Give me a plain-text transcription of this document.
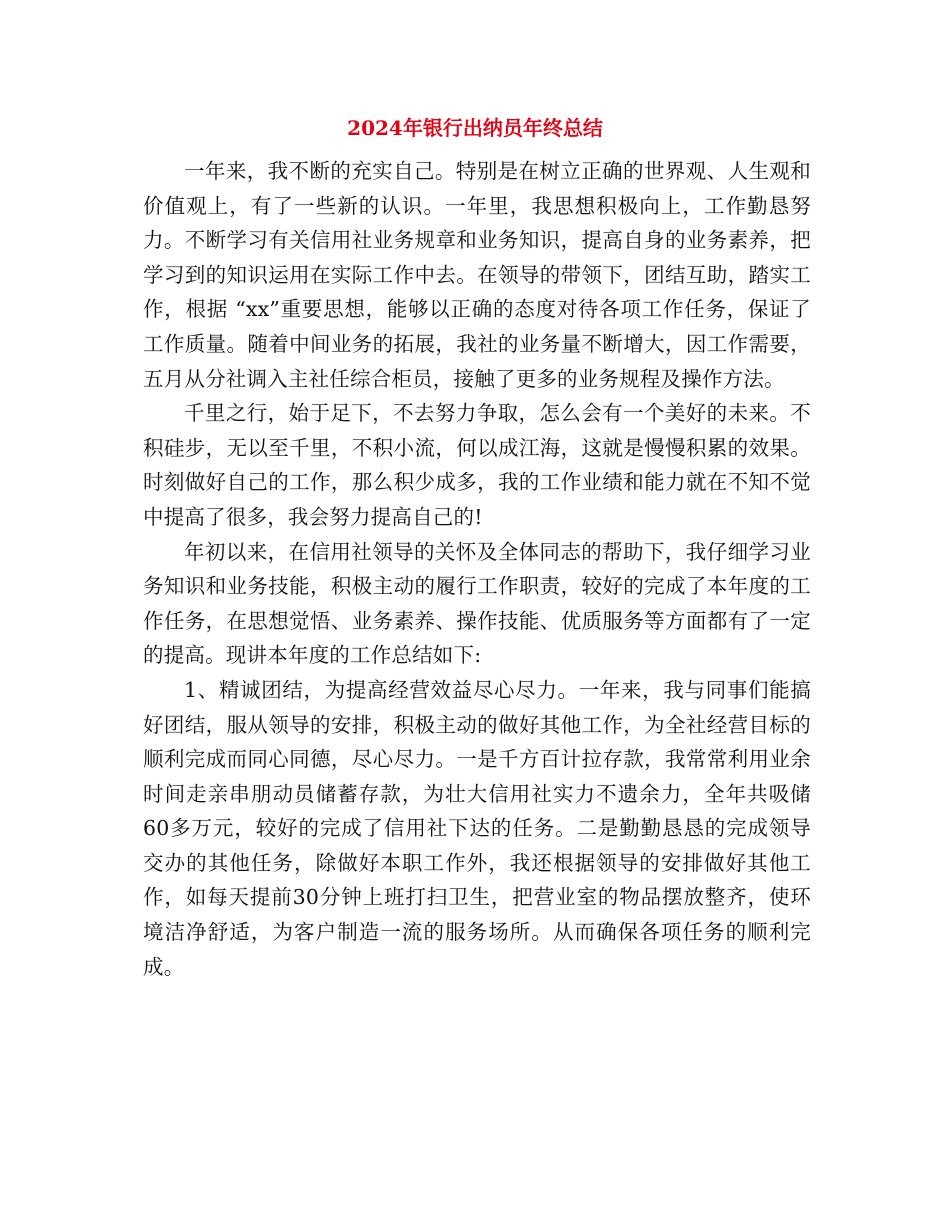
2024年银行出纳员年终总结

一年来，我不断的充实自己。特别是在树立正确的世界观、人生观和价值观上，有了一些新的认识。一年里，我思想积极向上，工作勤恳努力。不断学习有关信用社业务规章和业务知识，提高自身的业务素养，把学习到的知识运用在实际工作中去。在领导的带领下，团结互助，踏实工作，根据 “xx”重要思想，能够以正确的态度对待各项工作任务，保证了工作质量。随着中间业务的拓展，我社的业务量不断增大，因工作需要，五月从分社调入主社任综合柜员，接触了更多的业务规程及操作方法。

千里之行，始于足下，不去努力争取，怎么会有一个美好的未来。不积硅步，无以至千里，不积小流，何以成江海，这就是慢慢积累的效果。时刻做好自己的工作，那么积少成多，我的工作业绩和能力就在不知不觉中提高了很多，我会努力提高自己的!

年初以来，在信用社领导的关怀及全体同志的帮助下，我仔细学习业务知识和业务技能，积极主动的履行工作职责，较好的完成了本年度的工作任务，在思想觉悟、业务素养、操作技能、优质服务等方面都有了一定的提高。现讲本年度的工作总结如下:

1、精诚团结，为提高经营效益尽心尽力。一年来，我与同事们能搞好团结，服从领导的安排，积极主动的做好其他工作，为全社经营目标的顺利完成而同心同德，尽心尽力。一是千方百计拉存款，我常常利用业余时间走亲串朋动员储蓄存款，为壮大信用社实力不遗余力，全年共吸储60多万元，较好的完成了信用社下达的任务。二是勤勤恳恳的完成领导交办的其他任务，除做好本职工作外，我还根据领导的安排做好其他工作，如每天提前30分钟上班打扫卫生，把营业室的物品摆放整齐，使环境洁净舒适，为客户制造一流的服务场所。从而确保各项任务的顺利完成。
